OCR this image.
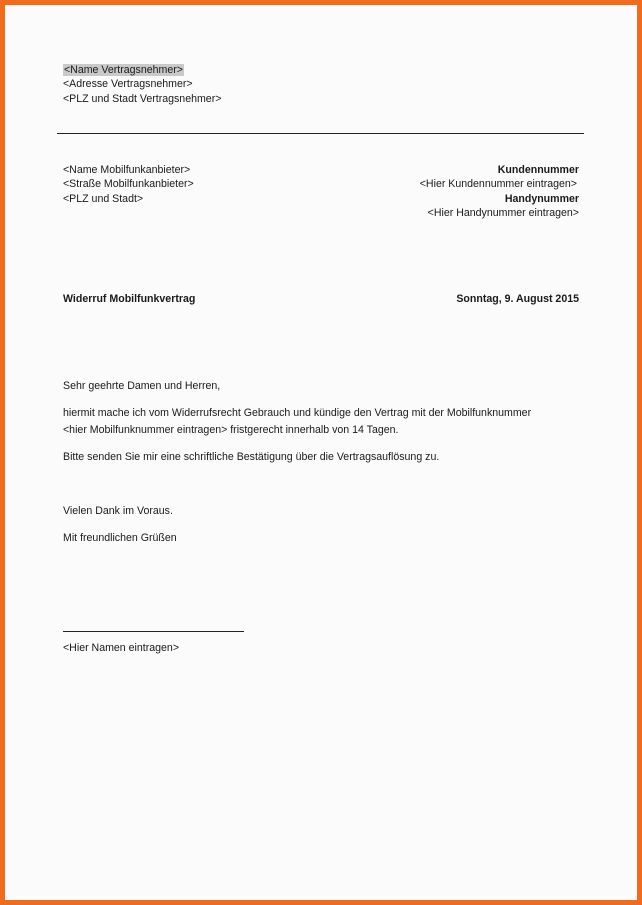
<Name Vertragsnehmer>
<Adresse Vertragsnehmer>
<PLZ und Stadt Vertragsnehmer>
<Name Mobilfunkanbieter>
<Straße Mobilfunkanbieter>
<PLZ und Stadt>
Kundennummer
<Hier Kundennummer eintragen>
Handynummer
<Hier Handynummer eintragen>
Widerruf Mobilfunkvertrag	Sonntag, 9. August 2015
Sehr geehrte Damen und Herren,
hiermit mache ich vom Widerrufsrecht Gebrauch und kündige den Vertrag mit der Mobilfunknummer
<hier Mobilfunknummer eintragen> fristgerecht innerhalb von 14 Tagen.
Bitte senden Sie mir eine schriftliche Bestätigung über die Vertragsauflösung zu.
Vielen Dank im Voraus.
Mit freundlichen Grüßen
<Hier Namen eintragen>
